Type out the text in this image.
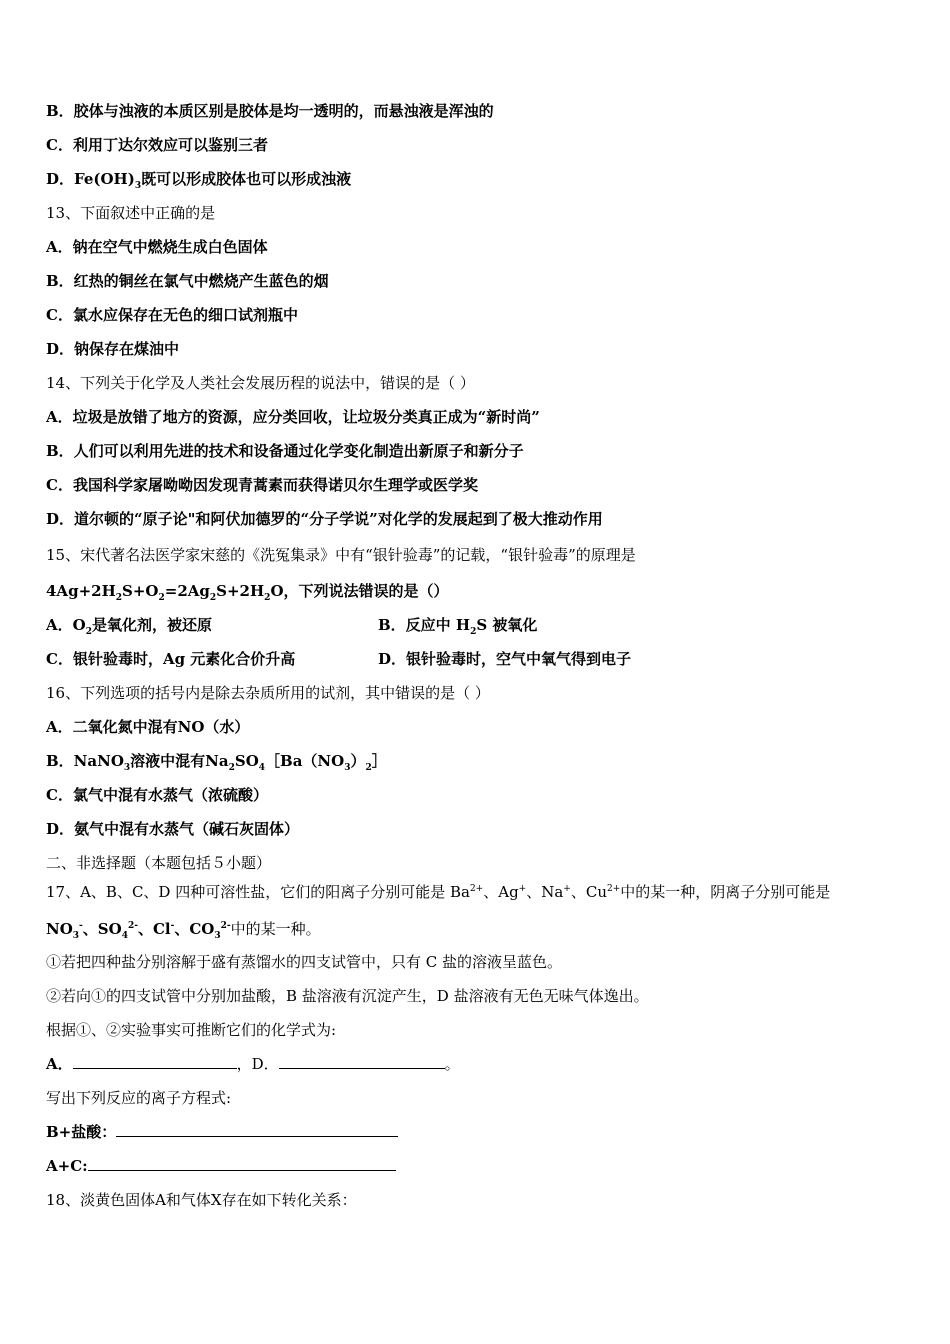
B．胶体与浊液的本质区别是胶体是均一透明的，而悬浊液是浑浊的
C．利用丁达尔效应可以鉴别三者
D．$Fe(OH)_3$既可以形成胶体也可以形成浊液
13、下面叙述中正确的是
A．钠在空气中燃烧生成白色固体
B．红热的铜丝在氯气中燃烧产生蓝色的烟
C．氯水应保存在无色的细口试剂瓶中
D．钠保存在煤油中
14、下列关于化学及人类社会发展历程的说法中，错误的是（ ）
A．垃圾是放错了地方的资源，应分类回收，让垃圾分类真正成为“新时尚”
B．人们可以利用先进的技术和设备通过化学变化制造出新原子和新分子
C．我国科学家屠呦呦因发现青蒿素而获得诺贝尔生理学或医学奖
D．道尔顿的“原子论"和阿伏加德罗的“分子学说”对化学的发展起到了极大推动作用
15、宋代著名法医学家宋慈的《洗冤集录》中有“银针验毒”的记载，“银针验毒”的原理是
$4Ag+2H_2S+O_2=2Ag_2S+2H_2O$，下列说法错误的是（）
A．$O_2$是氧化剂，被还原	B．反应中 $H_2S$ 被氧化
C．银针验毒时，Ag 元素化合价升高	D．银针验毒时，空气中氧气得到电子
16、下列选项的括号内是除去杂质所用的试剂，其中错误的是（ ）
A．二氧化氮中混有NO（水）
B．NaNO$_3$溶液中混有$Na_2SO_4[Ba(NO_3)_2]$
C．氯气中混有水蒸气（浓硫酸）
D．氨气中混有水蒸气（碱石灰固体）
二、非选择题（本题包括５小题）
17、A、B、C、D 四种可溶性盐，它们的阳离子分别可能是 $Ba^{2+}$、Ag+、Na+、$Cu^{2+}$中的某一种，阴离子分别可能是
$NO_3^-$、$SO_4^{2-}$、Cl-、$CO_3^{2-}$中的某一种。
①若把四种盐分别溶解于盛有蒸馏水的四支试管中，只有 C 盐的溶液呈蓝色。
②若向①的四支试管中分别加盐酸，B 盐溶液有沉淀产生，D 盐溶液有无色无味气体逸出。
根据①、②实验事实可推断它们的化学式为:
A．	，D．	。
写出下列反应的离子方程式:
B+盐酸：
A+C:
18、淡黄色固体A和气体X存在如下转化关系：
